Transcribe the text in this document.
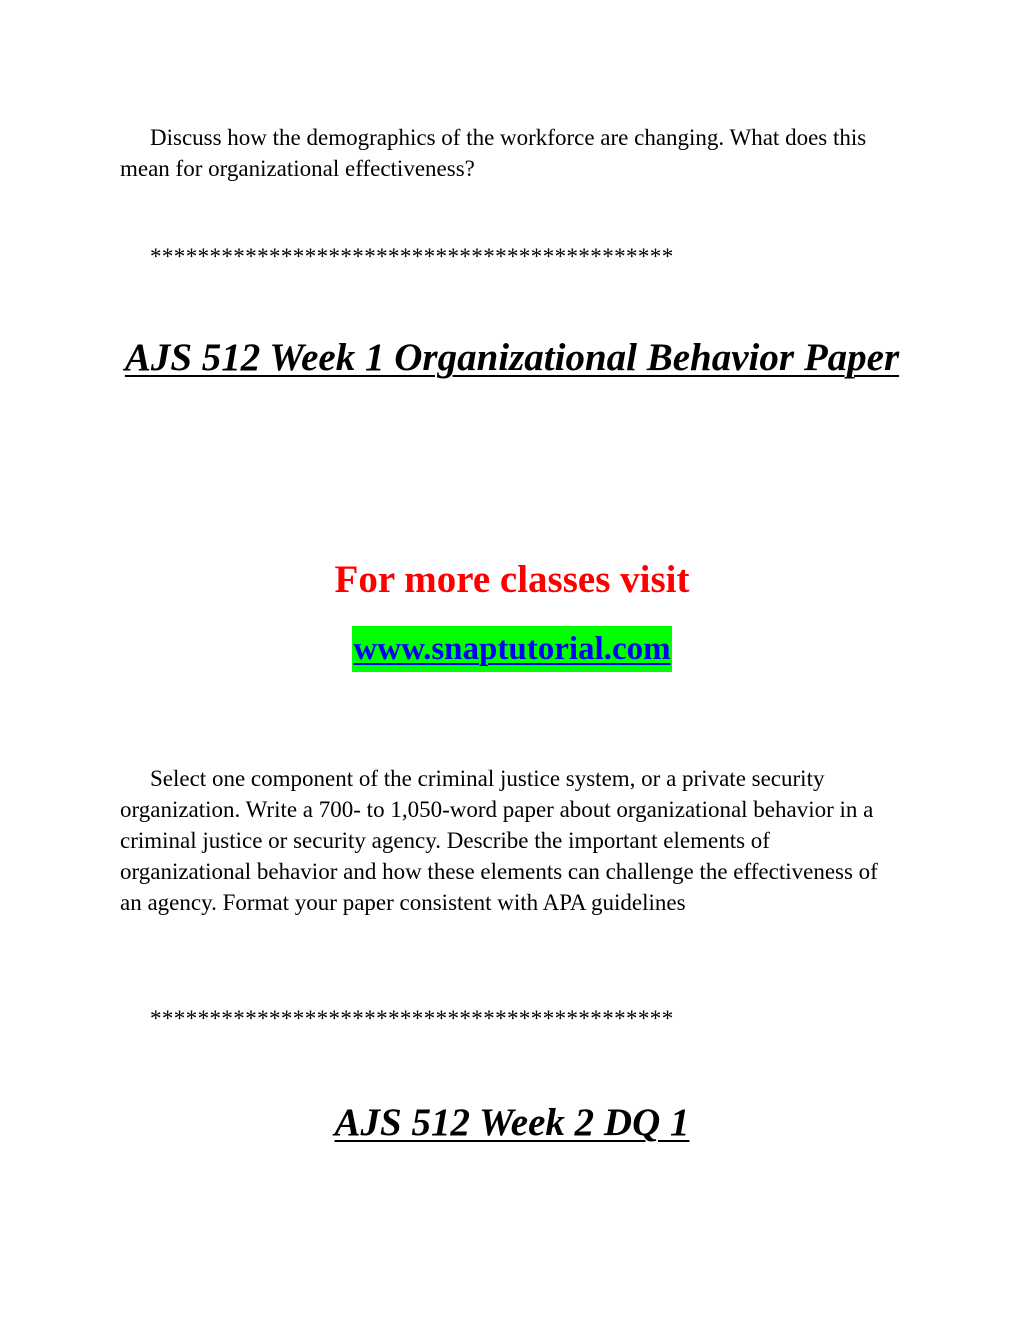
Discuss how the demographics of the workforce are changing. What does this mean for organizational effectiveness?

********************************************

AJS 512 Week 1 Organizational Behavior Paper

For more classes visit

www.snaptutorial.com

Select one component of the criminal justice system, or a private security organization. Write a 700- to 1,050-word paper about organizational behavior in a criminal justice or security agency. Describe the important elements of organizational behavior and how these elements can challenge the effectiveness of an agency. Format your paper consistent with APA guidelines

********************************************

AJS 512 Week 2 DQ 1
